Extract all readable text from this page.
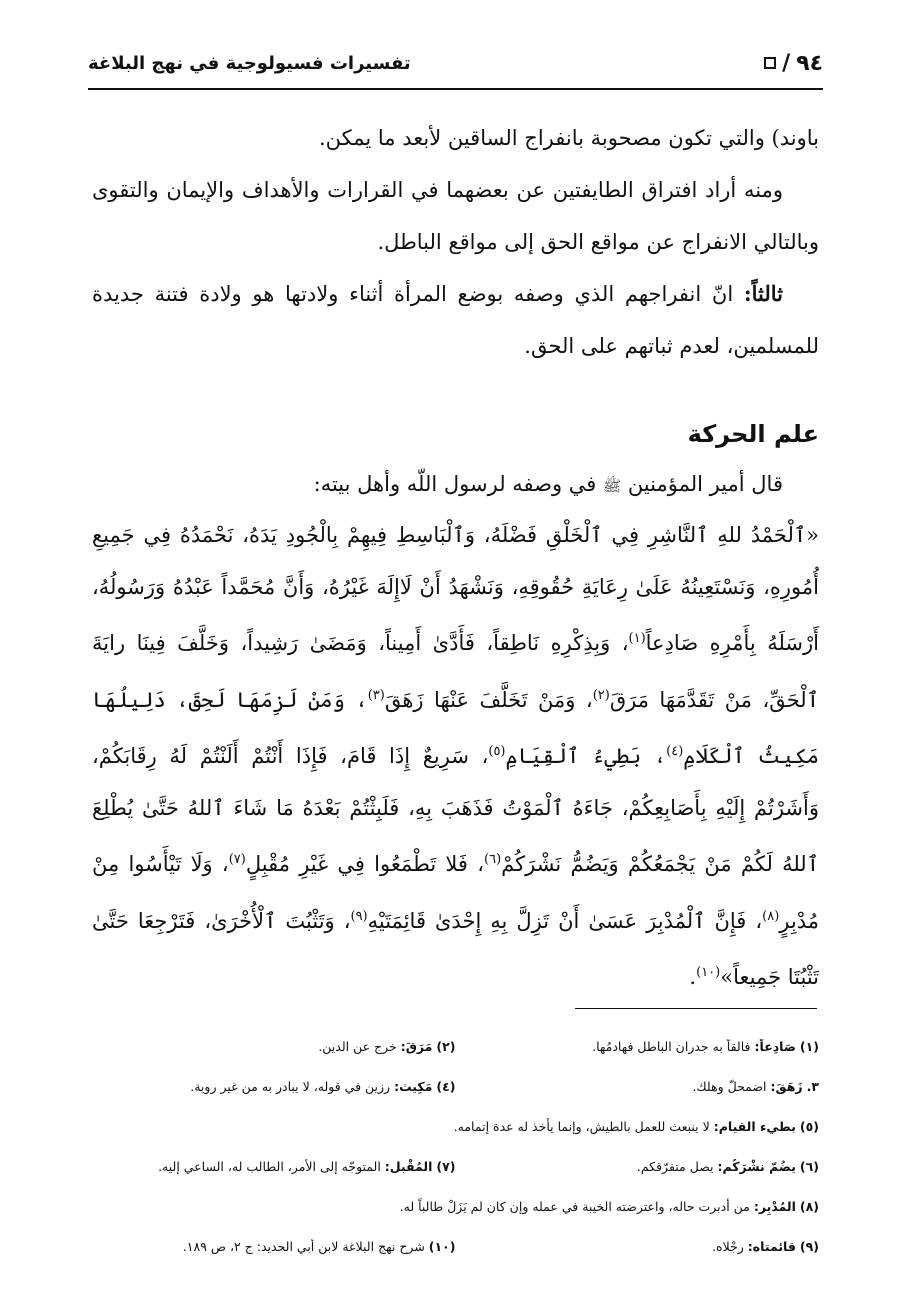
٩٤
/
تفسيرات فسيولوجية في نهج البلاغة

باوند) والتي تكون مصحوبة بانفراج الساقين لأبعد ما يمكن.

ومنه أراد افتراق الطايفتين عن بعضهما في القرارات والأهداف والإيمان والتقوى وبالتالي الانفراج عن مواقع الحق إلى مواقع الباطل.

ثالثاً: انّ انفراجهم الذي وصفه بوضع المرأة أثناء ولادتها هو ولادة فتنة جديدة للمسلمين، لعدم ثباتهم على الحق.

علم الحركة

قال أمير المؤمنين ﷺ في وصفه لرسول اللّه وأهل بيته:

«ٱلْحَمْدُ للهِ ٱلنَّاشِرِ فِي ٱلْخَلْقِ فَضْلَهُ، وَٱلْبَاسِطِ فِيهِمْ بِالْجُودِ يَدَهُ، نَحْمَدُهُ فِي جَمِيعِ أُمُورِهِ، وَنَسْتَعِينُهُ عَلَىٰ رِعَايَةِ حُقُوقِهِ، وَنَشْهَدُ أَنْ لَاإِلَهَ غَيْرُهُ، وَأَنَّ مُحَمَّداً عَبْدُهُ وَرَسُولُهُ، أَرْسَلَهُ بِأَمْرِهِ صَادِعاً$^{(١)}$، وَبِذِكْرِهِ نَاطِقاً، فَأَدَّىٰ أَمِيناً، وَمَضَىٰ رَشِيداً، وَخَلَّفَ فِينَا رايَةَ ٱلْحَقِّ، مَنْ تَقَدَّمَهَا مَرَقَ$^{(٢)}$، وَمَنْ تَخَلَّفَ عَنْهَا زَهَقَ$^{(٣)}$، وَمَنْ لَزِمَهَا لَحِقَ، دَلِيلُهَا مَكِيثُ ٱلْكَلَامِ$^{(٤)}$، بَطِيءُ ٱلْقِيَامِ$^{(٥)}$، سَرِيعٌ إِذَا قَامَ، فَإِذَا أَنْتُمْ أَلَنْتُمْ لَهُ رِقَابَكُمْ، وَأَشَرْتُمْ إِلَيْهِ بِأَصَابِعِكُمْ، جَاءَهُ ٱلْمَوْتُ فَذَهَبَ بِهِ، فَلَبِثْتُمْ بَعْدَهُ مَا شَاءَ ٱللهُ حَتَّىٰ يُطْلِعَ ٱللهُ لَكُمْ مَنْ يَجْمَعُكُمْ وَيَضُمُّ نَشْرَكُمْ$^{(٦)}$، فَلا تَطْمَعُوا فِي غَيْرِ مُقْبِلٍ$^{(٧)}$، وَلَا تَيْأَسُوا مِنْ مُدْبِرٍ$^{(٨)}$، فَإِنَّ ٱلْمُدْبِرَ عَسَىٰ أَنْ تَزِلَّ بِهِ إِحْدَىٰ قَائِمَتَيْهِ$^{(٩)}$، وَتَثْبُتَ ٱلْأُخْرَىٰ، فَتَرْجِعَا حَتَّىٰ تَثْبُتَا جَمِيعاً»$^{(١٠)}$.

(١)صَادِعاً: فالقاً به جدران الباطل فهادمُها.
(٢)مَرَقَ: خرج عن الدين.
٣.زَهَقَ: اضمحلّ وهلك.
(٤)مَكِيث: رزين في قوله، لا يبادر به من غير روية.
(٥)بطيء القيام: لا ينبعث للعمل بالطيش، وإنما يأخذ له عدة إتمامه.
(٦)يضُمّ نشْرَكُم: يصل متفرّقكم.
(٧)المُقْبِل: المتوجّه إلى الأمر، الطالب له، الساعي إليه.
(٨)المُدْبِر: من أدبرت حاله، واعترضته الخيبة في عمله وإن كان لم يَزَلْ طالباً له.
(٩)قائمتاه: رِجْلاه.
(١٠)شرح نهج البلاغة لابن أبي الحديد: ج ٢، ص ١٨٩.
